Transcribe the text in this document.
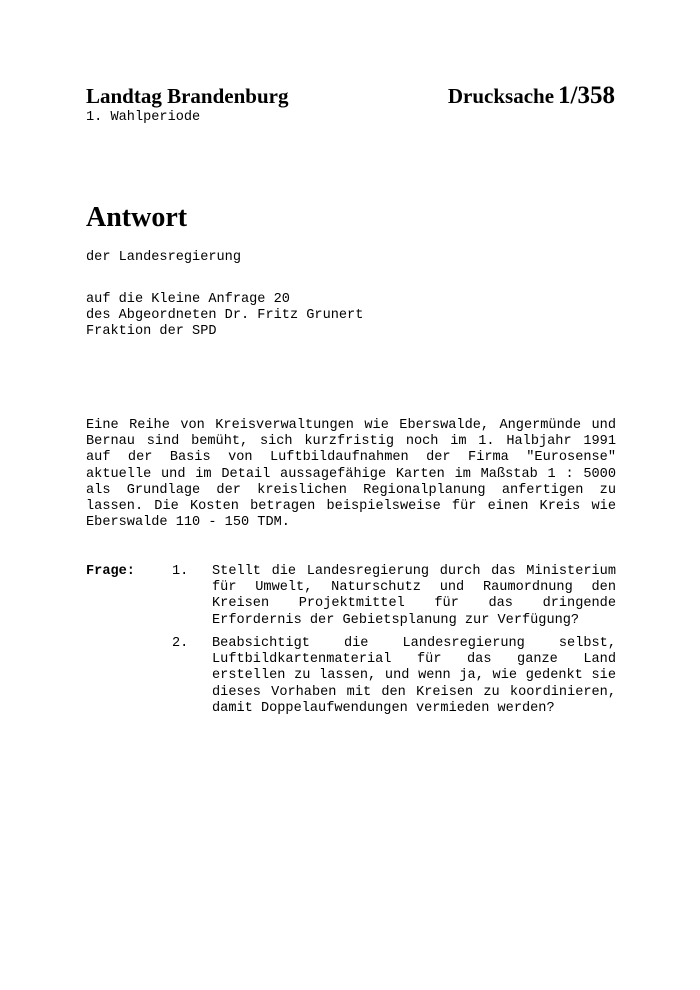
Landtag Brandenburg	Drucksache 1/358
1. Wahlperiode
Antwort
der Landesregierung
auf die Kleine Anfrage 20
des Abgeordneten Dr. Fritz Grunert
Fraktion der SPD
Eine Reihe von Kreisverwaltungen wie Eberswalde, Angermünde und
Bernau sind bemüht, sich kurzfristig noch im 1. Halbjahr 1991
auf der Basis von Luftbildaufnahmen der Firma "Eurosense"
aktuelle und im Detail aussagefähige Karten im Maßstab 1 : 5000
als Grundlage der kreislichen Regionalplanung anfertigen zu
lassen. Die Kosten betragen beispielsweise für einen Kreis wie
Eberswalde 110 - 150 TDM.
Frage:	1. Stellt die Landesregierung durch das Ministerium
für Umwelt, Naturschutz und Raumordnung den
Kreisen Projektmittel für das dringende
Erfordernis der Gebietsplanung zur Verfügung?
2. Beabsichtigt die Landesregierung selbst,
Luftbildkartenmaterial für das ganze Land
erstellen zu lassen, und wenn ja, wie gedenkt sie
dieses Vorhaben mit den Kreisen zu koordinieren,
damit Doppelaufwendungen vermieden werden?
